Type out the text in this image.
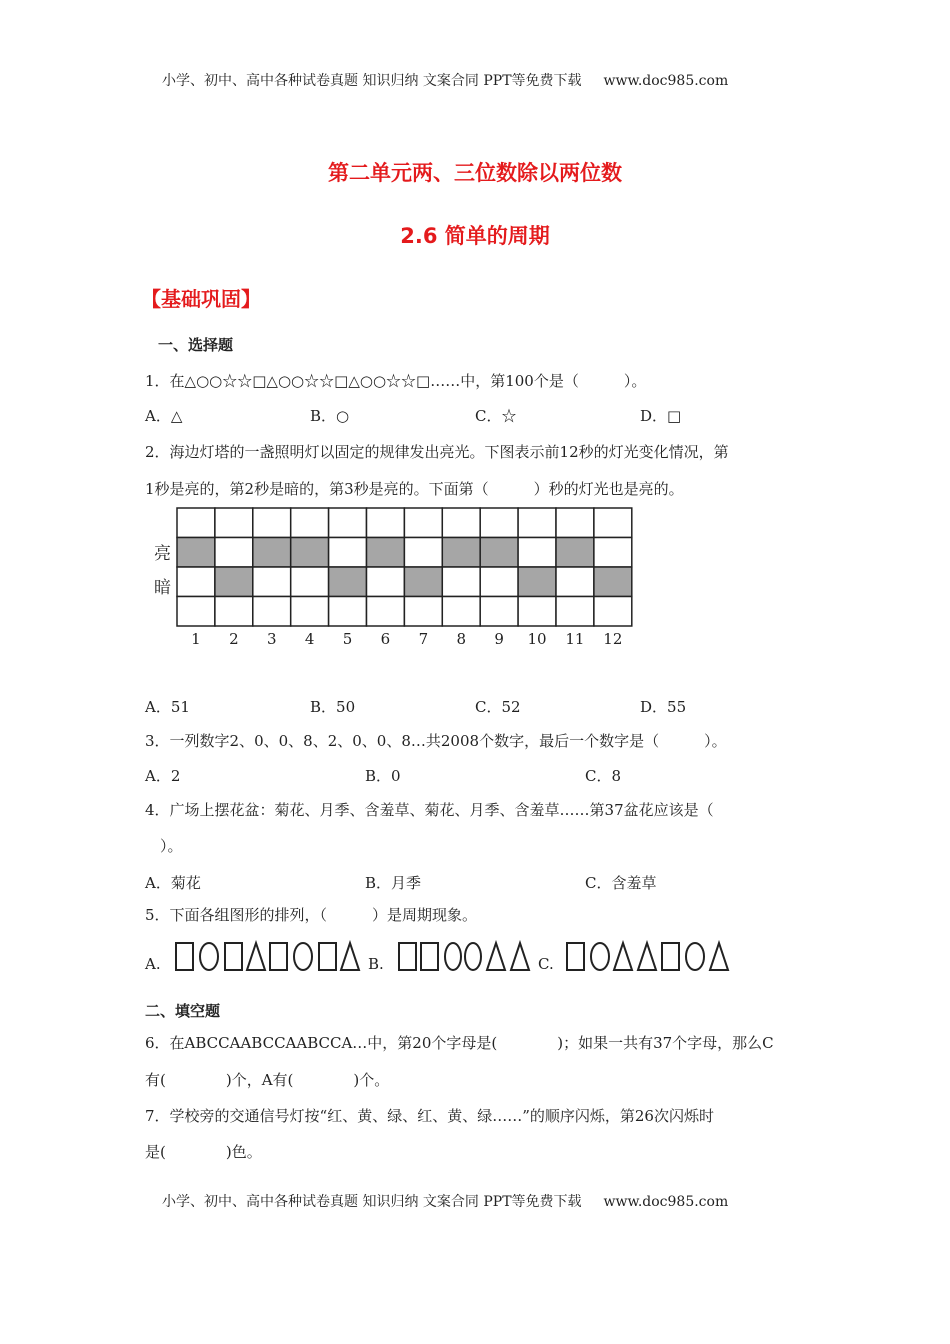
小学、初中、高中各种试卷真题 知识归纳 文案合同 PPT等免费下载 www.doc985.com
第二单元两、三位数除以两位数
2.6 简单的周期
【基础巩固】
一、选择题
1．在△○○☆☆□△○○☆☆□△○○☆☆□……中，第100个是（　　　）。
A．△	B．○	C．☆	D．□
2．海边灯塔的一盏照明灯以固定的规律发出亮光。下图表示前12秒的灯光变化情况，第
1秒是亮的，第2秒是暗的，第3秒是亮的。下面第（　　　）秒的灯光也是亮的。
亮
暗
1 2 3 4 5 6 7 8 9 10 11 12
A．51	B．50	C．52	D．55
3．一列数字2、0、0、8、2、0、0、8…共2008个数字，最后一个数字是（　　　）。
A．2	B．0	C．8
4．广场上摆花盆：菊花、月季、含羞草、菊花、月季、含羞草……第37盆花应该是（
）。
A．菊花	B．月季	C．含羞草
5．下面各组图形的排列，（　　　）是周期现象。
A.	B.	C.
二、填空题
6．在ABCCAABCCAABCCA…中，第20个字母是(　　　　)；如果一共有37个字母，那么C
有(　　　　)个，A有(　　　　)个。
7．学校旁的交通信号灯按“红、黄、绿、红、黄、绿……”的顺序闪烁，第26次闪烁时
是(　　　　)色。
小学、初中、高中各种试卷真题 知识归纳 文案合同 PPT等免费下载 www.doc985.com
